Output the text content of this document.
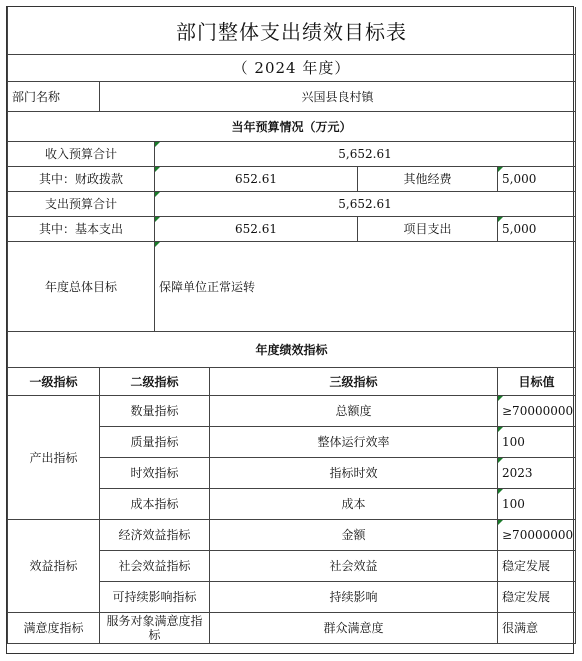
部门整体支出绩效目标表					
（ 2024 年度）					
部门名称	兴国县良村镇				
当年预算情况（万元）					
收入预算合计		5,652.61			
其中：财政拨款		652.61		其他经费	5,000
支出预算合计		5,652.61			
其中：基本支出		652.61		项目支出	5,000
年度总体目标		保障单位正常运转			
年度绩效指标					
一级指标	二级指标		三级指标		目标值
产出指标	数量指标		总额度		≥70000000
	质量指标		整体运行效率		100
	时效指标		指标时效		2023
	成本指标		成本		100
效益指标	经济效益指标		金额		≥70000000
	社会效益指标		社会效益		稳定发展
	可持续影响指标		持续影响		稳定发展
满意度指标	服务对象满意度指标		群众满意度		很满意
